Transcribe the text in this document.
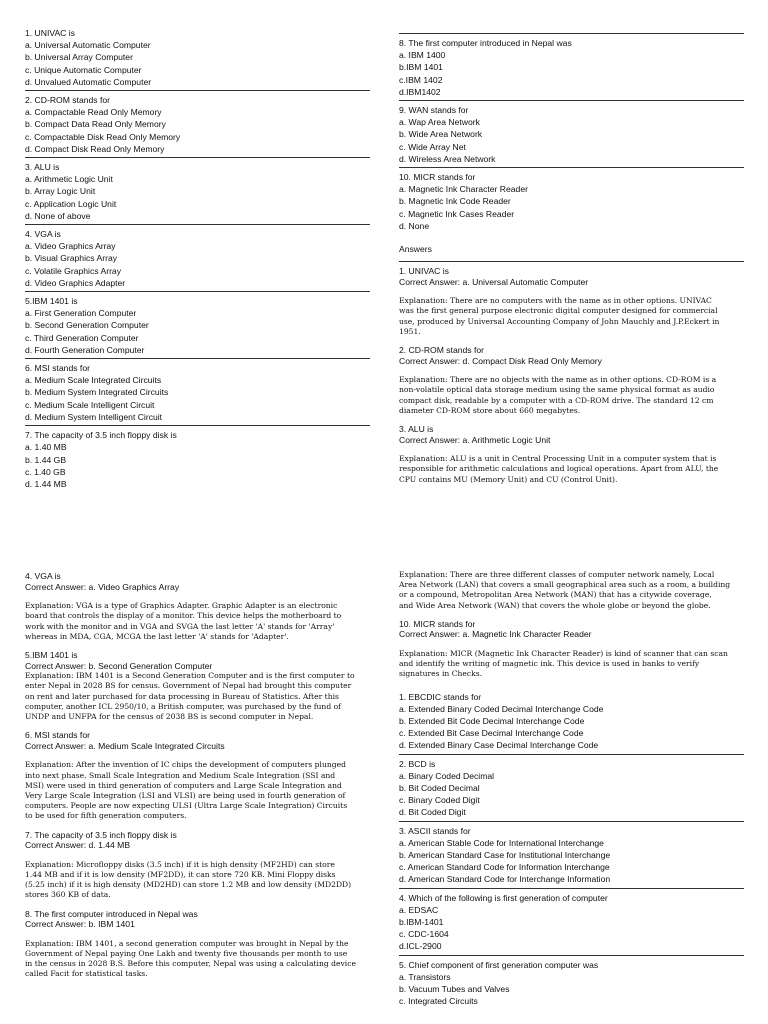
1. UNIVAC is
a. Universal Automatic Computer
b. Universal Array Computer
c. Unique Automatic Computer
d. Unvalued Automatic Computer
2. CD-ROM stands for
a. Compactable Read Only Memory
b. Compact Data Read Only Memory
c. Compactable Disk Read Only Memory
d. Compact Disk Read Only Memory
3. ALU is
a. Arithmetic Logic Unit
b. Array Logic Unit
c. Application Logic Unit
d. None of above
4. VGA is
a. Video Graphics Array
b. Visual Graphics Array
c. Volatile Graphics Array
d. Video Graphics Adapter
5.IBM 1401 is
a. First Generation Computer
b. Second Generation Computer
c. Third Generation Computer
d. Fourth Generation Computer
6. MSI stands for
a. Medium Scale Integrated Circuits
b. Medium System Integrated Circuits
c. Medium Scale Intelligent Circuit
d. Medium System Intelligent Circuit
7. The capacity of 3.5 inch floppy disk is
a. 1.40 MB
b. 1.44 GB
c. 1.40 GB
d. 1.44 MB
8. The first computer introduced in Nepal was
a. IBM 1400
b.IBM 1401
c.IBM 1402
d.IBM1402
9. WAN stands for
a. Wap Area Network
b. Wide Area Network
c. Wide Array Net
d. Wireless Area Network
10. MICR stands for
a. Magnetic Ink Character Reader
b. Magnetic Ink Code Reader
c. Magnetic Ink Cases Reader
d. None
Answers
1. UNIVAC is
Correct Answer: a. Universal Automatic Computer
Explanation: There are no computers with the name as in other options. UNIVAC
was the first general purpose electronic digital computer designed for commercial
use, produced by Universal Accounting Company of John Mauchly and J.P.Eckert in
1951.
2. CD-ROM stands for
Correct Answer: d. Compact Disk Read Only Memory
Explanation: There are no objects with the name as in other options. CD-ROM is a
non-volatile optical data storage medium using the same physical format as audio
compact disk, readable by a computer with a CD-ROM drive. The standard 12 cm
diameter CD-ROM store about 660 megabytes.
3. ALU is
Correct Answer: a. Arithmetic Logic Unit
Explanation: ALU is a unit in Central Processing Unit in a computer system that is
responsible for arithmetic calculations and logical operations. Apart from ALU, the
CPU contains MU (Memory Unit) and CU (Control Unit).
4. VGA is
Correct Answer: a. Video Graphics Array
Explanation: VGA is a type of Graphics Adapter. Graphic Adapter is an electronic
board that controls the display of a monitor. This device helps the motherboard to
work with the monitor and in VGA and SVGA the last letter 'A' stands for 'Array'
whereas in MDA, CGA, MCGA the last letter 'A' stands for 'Adapter'.
5.IBM 1401 is
Correct Answer: b. Second Generation Computer
Explanation: IBM 1401 is a Second Generation Computer and is the first computer to
enter Nepal in 2028 BS for census. Government of Nepal had brought this computer
on rent and later purchased for data processing in Bureau of Statistics. After this
computer, another ICL 2950/10, a British computer, was purchased by the fund of
UNDP and UNFPA for the census of 2038 BS is second computer in Nepal.
6. MSI stands for
Correct Answer: a. Medium Scale Integrated Circuits
Explanation: After the invention of IC chips the development of computers plunged
into next phase. Small Scale Integration and Medium Scale Integration (SSI and
MSI) were used in third generation of computers and Large Scale Integration and
Very Large Scale Integration (LSI and VLSI) are being used in fourth generation of
computers. People are now expecting ULSI (Ultra Large Scale Integration) Circuits
to be used for fifth generation computers.
7. The capacity of 3.5 inch floppy disk is
Correct Answer: d. 1.44 MB
Explanation: Microfloppy disks (3.5 inch) if it is high density (MF2HD) can store
1.44 MB and if it is low density (MF2DD), it can store 720 KB. Mini Floppy disks
(5.25 inch) if it is high density (MD2HD) can store 1.2 MB and low density (MD2DD)
stores 360 KB of data.
8. The first computer introduced in Nepal was
Correct Answer: b. IBM 1401
Explanation: IBM 1401, a second generation computer was brought in Nepal by the
Government of Nepal paying One Lakh and twenty five thousands per month to use
in the census in 2028 B.S. Before this computer, Nepal was using a calculating device
called Facit for statistical tasks.
Explanation: There are three different classes of computer network namely, Local
Area Network (LAN) that covers a small geographical area such as a room, a building
or a compound, Metropolitan Area Network (MAN) that has a citywide coverage,
and Wide Area Network (WAN) that covers the whole globe or beyond the globe.
10. MICR stands for
Correct Answer: a. Magnetic Ink Character Reader
Explanation: MICR (Magnetic Ink Character Reader) is kind of scanner that can scan
and identify the writing of magnetic ink. This device is used in banks to verify
signatures in Checks.
1. EBCDIC stands for
a. Extended Binary Coded Decimal Interchange Code
b. Extended Bit Code Decimal Interchange Code
c. Extended Bit Case Decimal Interchange Code
d. Extended Binary Case Decimal Interchange Code
2. BCD is
a. Binary Coded Decimal
b. Bit Coded Decimal
c. Binary Coded Digit
d. Bit Coded Digit
3. ASCII stands for
a. American Stable Code for International Interchange
b. American Standard Case for Institutional Interchange
c. American Standard Code for Information Interchange
d. American Standard Code for Interchange Information
4. Which of the following is first generation of computer
a. EDSAC
b.IBM-1401
c. CDC-1604
d.ICL-2900
5. Chief component of first generation computer was
a. Transistors
b. Vacuum Tubes and Valves
c. Integrated Circuits
